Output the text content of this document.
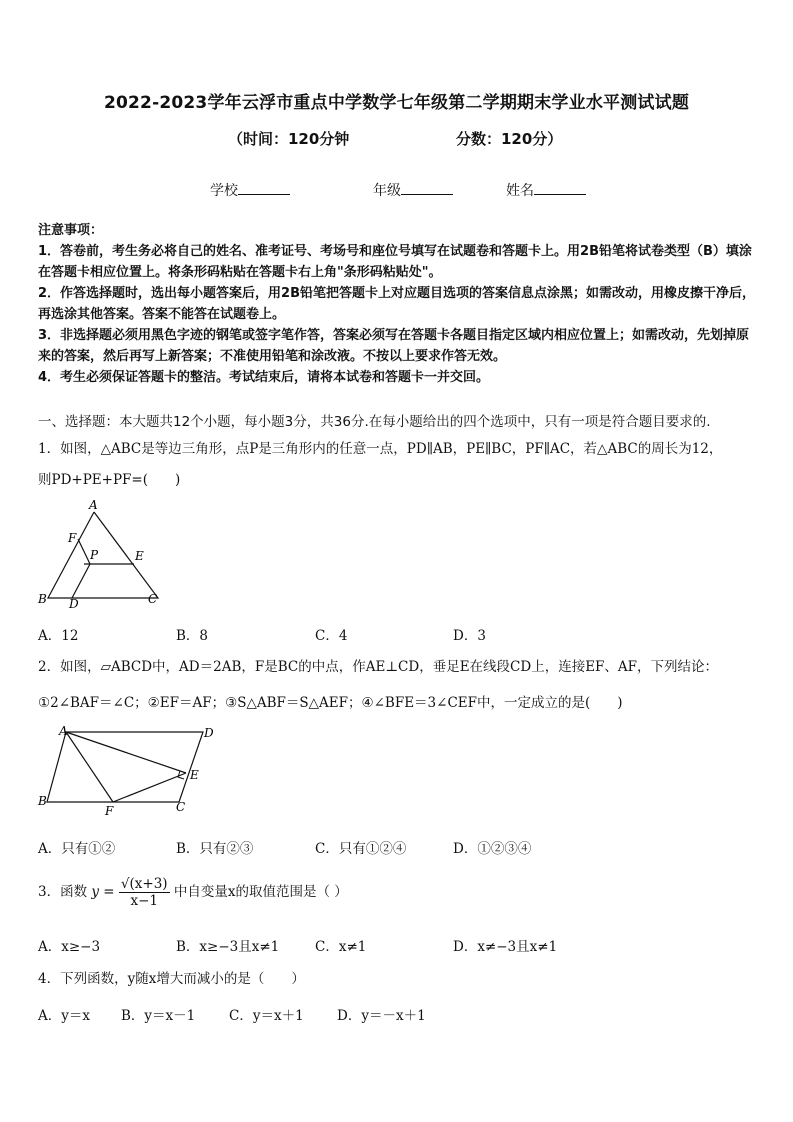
2022-2023学年云浮市重点中学数学七年级第二学期期末学业水平测试试题
（时间：120分钟	分数：120分）
学校	年级	姓名
注意事项：
1．答卷前，考生务必将自己的姓名、准考证号、考场号和座位号填写在试题卷和答题卡上。用2B铅笔将试卷类型（B）填涂在答题卡相应位置上。将条形码粘贴在答题卡右上角"条形码粘贴处"。
2．作答选择题时，选出每小题答案后，用2B铅笔把答题卡上对应题目选项的答案信息点涂黑；如需改动，用橡皮擦干净后，再选涂其他答案。答案不能答在试题卷上。
3．非选择题必须用黑色字迹的钢笔或签字笔作答，答案必须写在答题卡各题目指定区域内相应位置上；如需改动，先划掉原来的答案，然后再写上新答案；不准使用铅笔和涂改液。不按以上要求作答无效。
4．考生必须保证答题卡的整洁。考试结束后，请将本试卷和答题卡一并交回。
一、选择题：本大题共12个小题，每小题3分，共36分.在每小题给出的四个选项中，只有一项是符合题目要求的.
1．如图，△ABC是等边三角形，点P是三角形内的任意一点，PD∥AB，PE∥BC，PF∥AC，若△ABC的周长为12，
则PD+PE+PF=(　　)
A
F
P	E
B D	C
A．12	B．8	C．4	D．3
2．如图，▱ABCD中，AD＝2AB，F是BC的中点，作AE⊥CD，垂足E在线段CD上，连接EF、AF，下列结论：
①2∠BAF＝∠C；②EF＝AF；③S△ABF＝S△AEF；④∠BFE＝3∠CEF中，一定成立的是(　　)
A	D
E
B
F	C
A．只有①②	B．只有②③	C．只有①②④	D．①②③④
3．函数 $y = \frac{√(x+3)}{x-1}$ 中自变量x的取值范围是（ ）
A．x≥−3	B．x≥−3且x≠1	C．x≠1	D．x≠−3且x≠1
4．下列函数，y随x增大而减小的是（　　）
A．y＝x B．y＝x－1	C．y＝x＋1 D．y＝－x＋1
